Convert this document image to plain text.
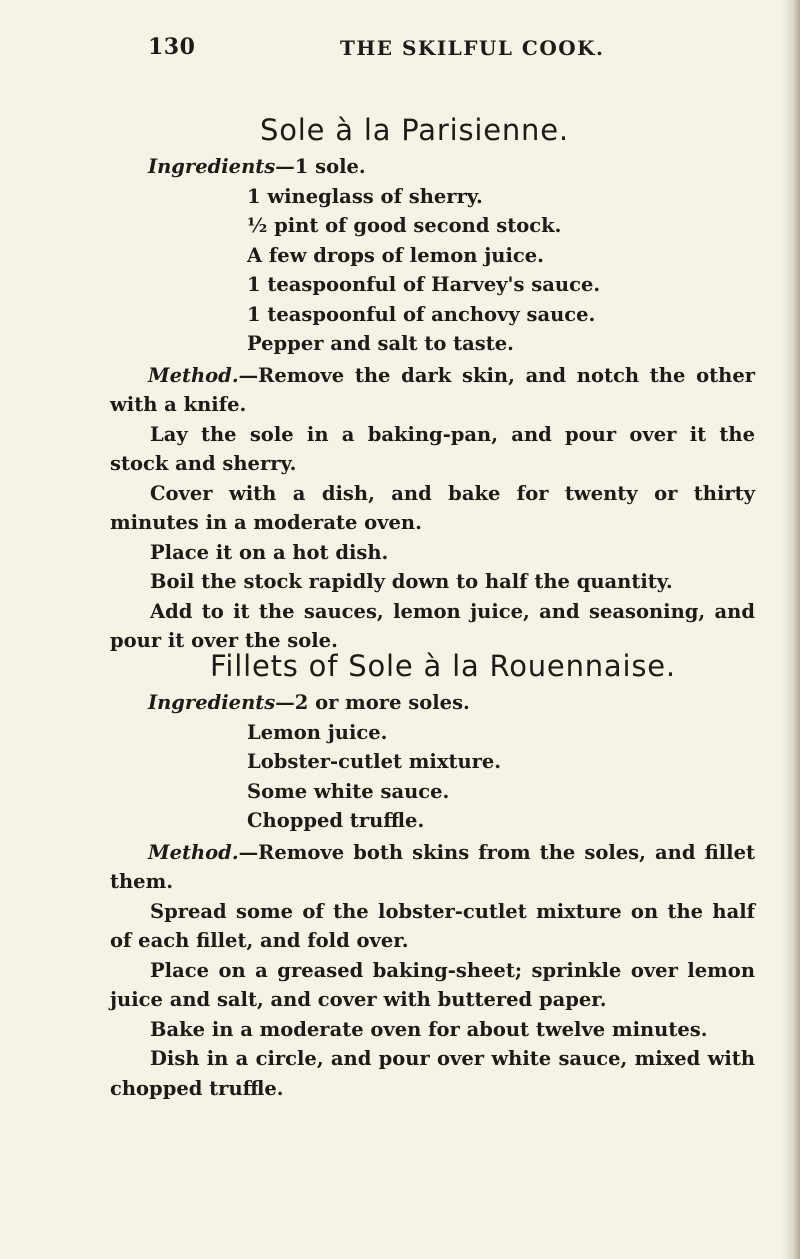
130	THE SKILFUL COOK.
Sole à la Parisienne.
Ingredients—1 sole.
1 wineglass of sherry.
½ pint of good second stock.
A few drops of lemon juice.
1 teaspoonful of Harvey's sauce.
1 teaspoonful of anchovy sauce.
Pepper and salt to taste.
Method.—Remove the dark skin, and notch the other
with a knife.
Lay the sole in a baking-pan, and pour over it the
stock and sherry.
Cover with a dish, and bake for twenty or thirty
minutes in a moderate oven.
Place it on a hot dish.
Boil the stock rapidly down to half the quantity.
Add to it the sauces, lemon juice, and seasoning, and
pour it over the sole.
Fillets of Sole à la Rouennaise.
Ingredients—2 or more soles.
Lemon juice.
Lobster-cutlet mixture.
Some white sauce.
Chopped truffle.
Method.—Remove both skins from the soles, and fillet
them.
Spread some of the lobster-cutlet mixture on the half
of each fillet, and fold over.
Place on a greased baking-sheet; sprinkle over lemon
juice and salt, and cover with buttered paper.
Bake in a moderate oven for about twelve minutes.
Dish in a circle, and pour over white sauce, mixed with
chopped truffle.
